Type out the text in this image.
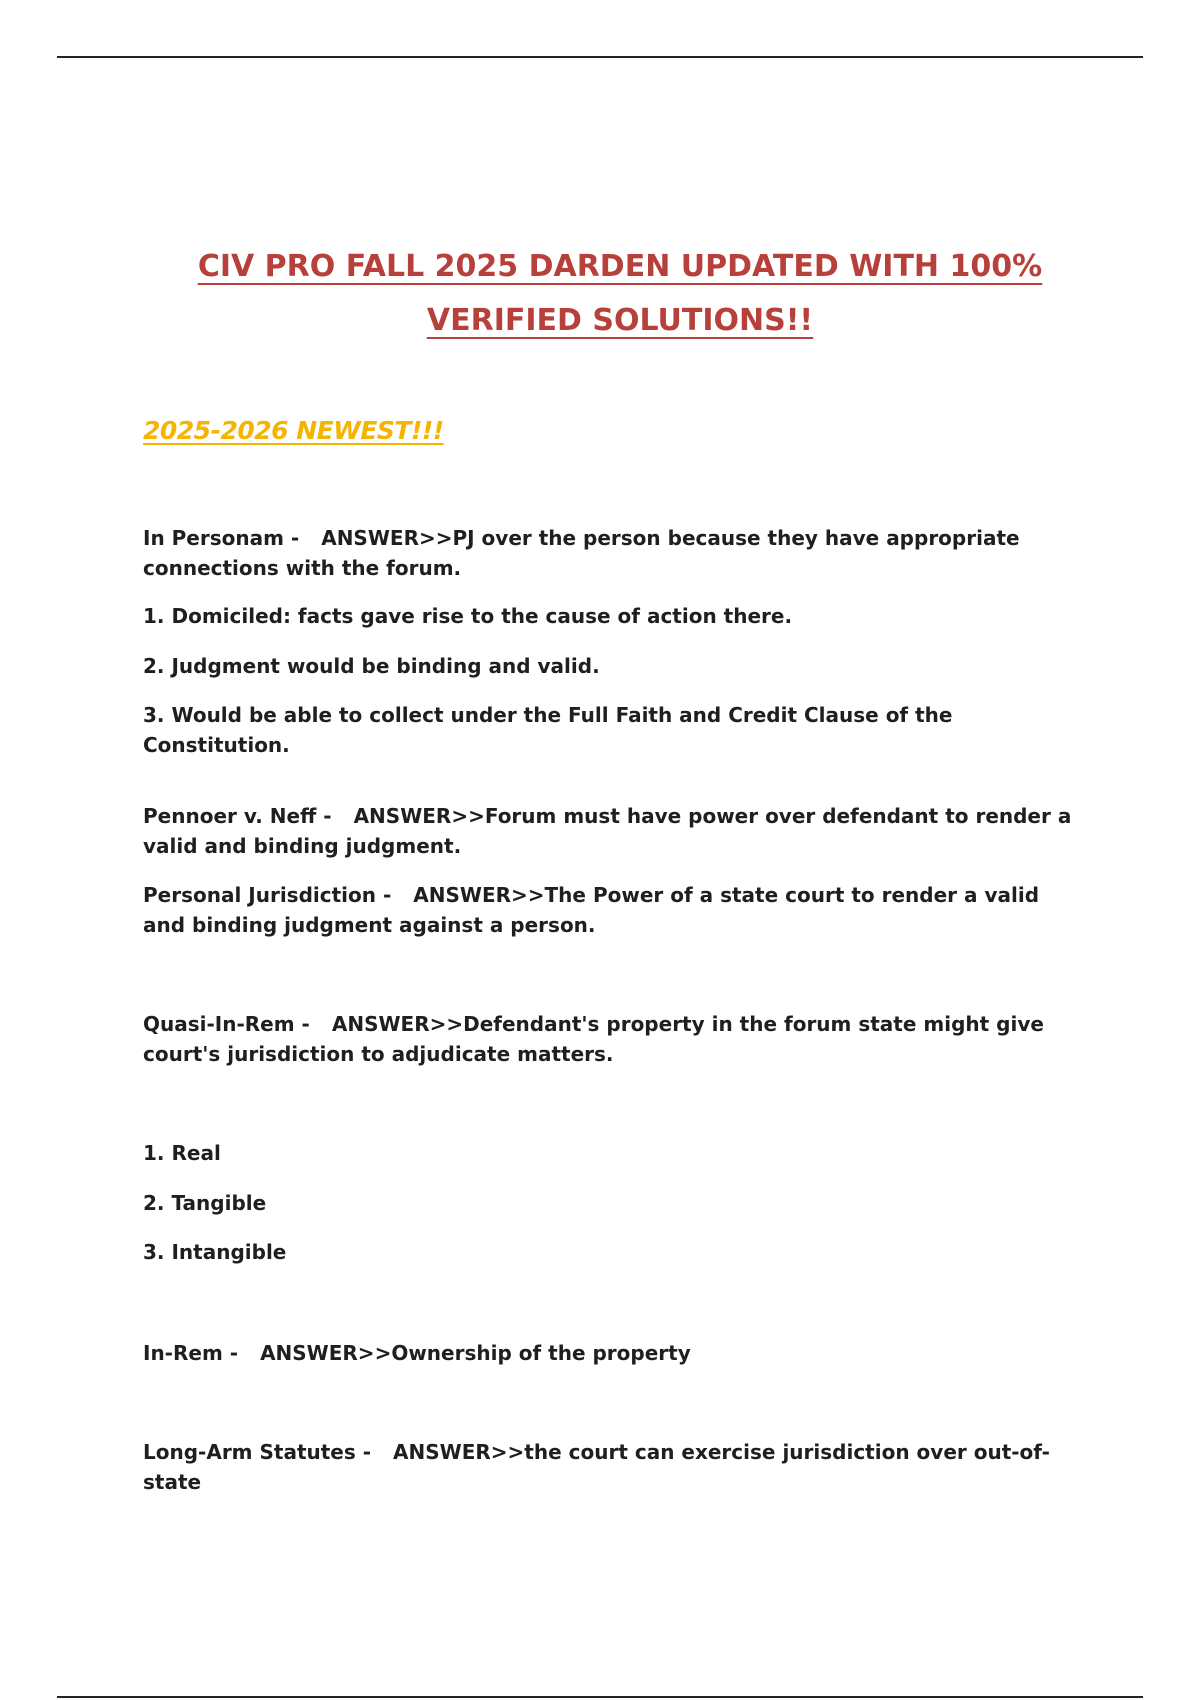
CIV PRO FALL 2025 DARDEN UPDATED WITH 100%
VERIFIED SOLUTIONS!!
2025-2026 NEWEST!!!
In Personam - ANSWER>>PJ over the person because they have appropriate connections with the forum.
1. Domiciled: facts gave rise to the cause of action there.
2. Judgment would be binding and valid.
3. Would be able to collect under the Full Faith and Credit Clause of the Constitution.
Pennoer v. Neff - ANSWER>>Forum must have power over defendant to render a valid and binding judgment.
Personal Jurisdiction - ANSWER>>The Power of a state court to render a valid and binding judgment against a person.
Quasi-In-Rem - ANSWER>>Defendant's property in the forum state might give court's jurisdiction to adjudicate matters.
1. Real
2. Tangible
3. Intangible
In-Rem - ANSWER>>Ownership of the property
Long-Arm Statutes - ANSWER>>the court can exercise jurisdiction over out-of-state
